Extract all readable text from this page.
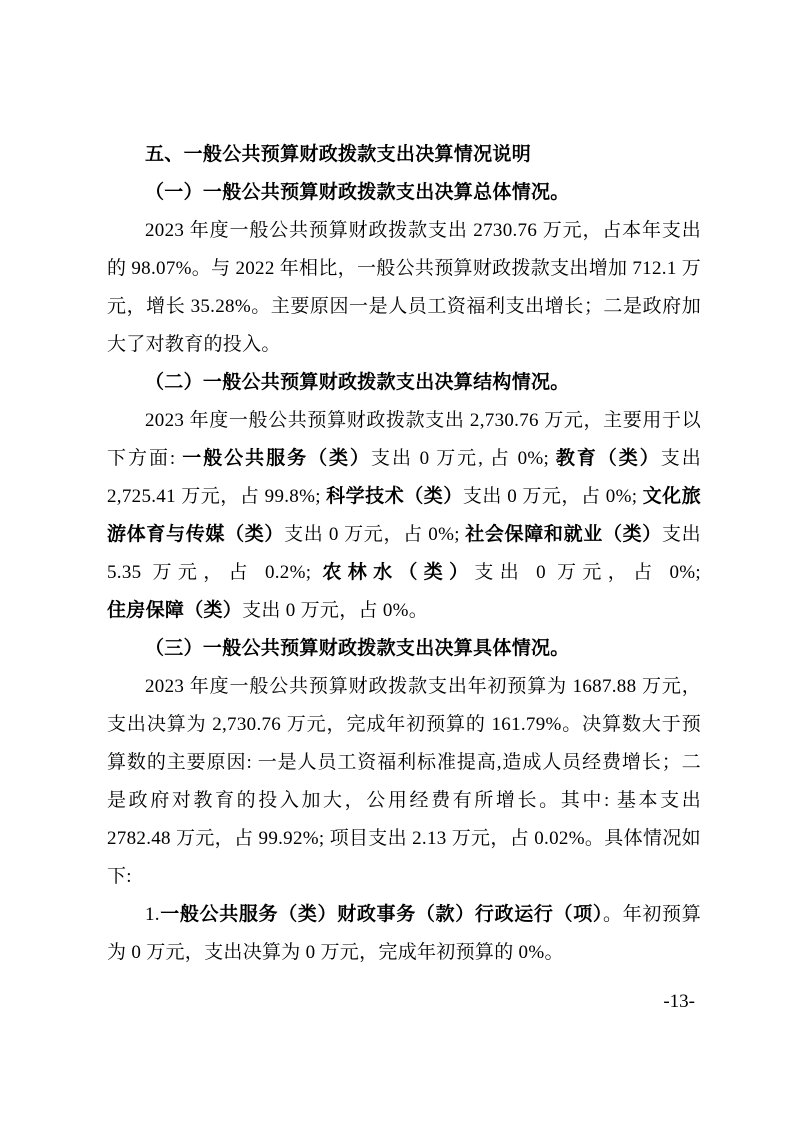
五、一般公共预算财政拨款支出决算情况说明

（一）一般公共预算财政拨款支出决算总体情况。

2023 年度一般公共预算财政拨款支出 2730.76 万元，占本年支出的 98.07%。与 2022 年相比，一般公共预算财政拨款支出增加 712.1 万元，增长 35.28%。主要原因一是人员工资福利支出增长；二是政府加大了对教育的投入。

（二）一般公共预算财政拨款支出决算结构情况。

2023 年度一般公共预算财政拨款支出 2,730.76 万元，主要用于以下方面: 一般公共服务（类）支出 0 万元, 占 0%; 教育（类）支出 2,725.41 万元，占 99.8%; 科学技术（类）支出 0 万元，占 0%; 文化旅游体育与传媒（类）支出 0 万元，占 0%; 社会保障和就业（类）支出 5.35 万元，占 0.2%; 农林水（类）支出 0 万元，占 0%; 住房保障（类）支出 0 万元，占 0%。

（三）一般公共预算财政拨款支出决算具体情况。

2023 年度一般公共预算财政拨款支出年初预算为 1687.88 万元，支出决算为 2,730.76 万元，完成年初预算的 161.79%。决算数大于预算数的主要原因: 一是人员工资福利标准提高,造成人员经费增长；二是政府对教育的投入加大，公用经费有所增长。其中: 基本支出 2782.48 万元，占 99.92%; 项目支出 2.13 万元，占 0.02%。具体情况如下:

1.一般公共服务（类）财政事务（款）行政运行（项）。年初预算为 0 万元，支出决算为 0 万元，完成年初预算的 0%。

-13-
